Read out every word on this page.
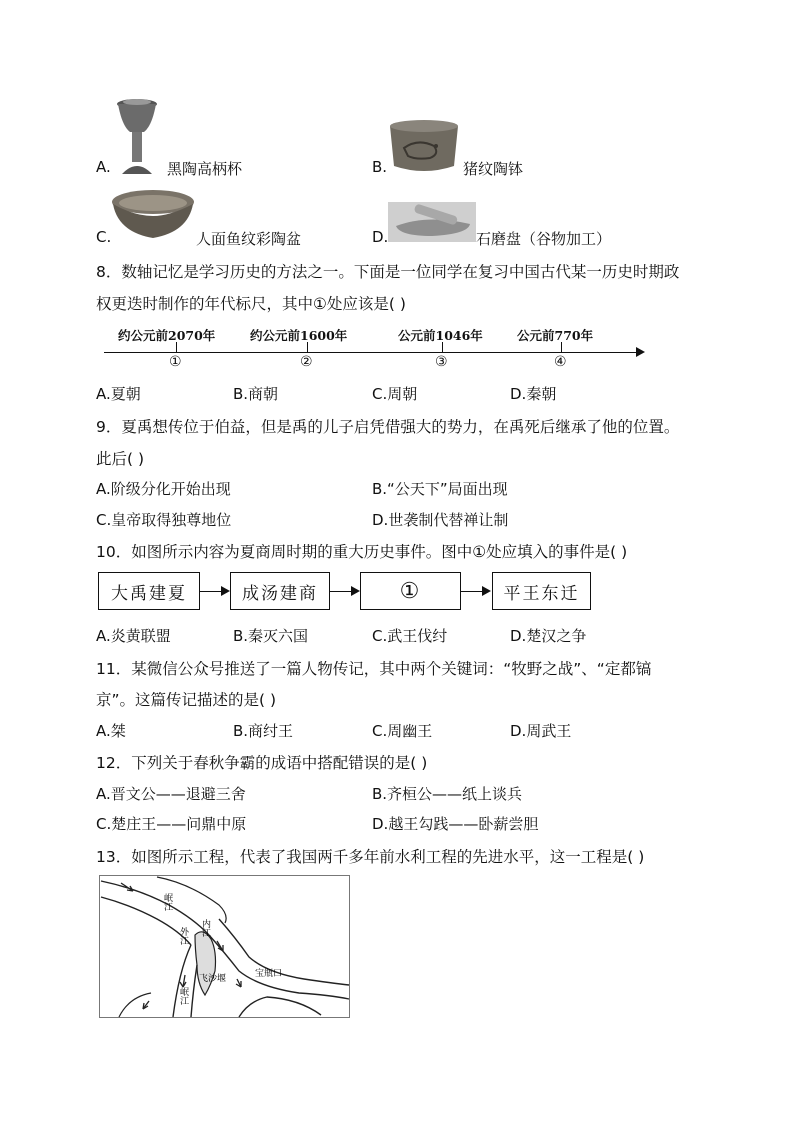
A.	黑陶高柄杯	B.	猪纹陶钵
C.	人面鱼纹彩陶盆	D.	石磨盘（谷物加工）
8．数轴记忆是学习历史的方法之一。下面是一位同学在复习中国古代某一历史时期政
权更迭时制作的年代标尺，其中①处应该是( )
约公元前2070年
①
约公元前1600年
②
公元前1046年
③
公元前770年
④
A.夏朝	B.商朝	C.周朝	D.秦朝
9．夏禹想传位于伯益，但是禹的儿子启凭借强大的势力，在禹死后继承了他的位置。
此后( )
A.阶级分化开始出现	B.“公天下”局面出现
C.皇帝取得独尊地位	D.世袭制代替禅让制
10．如图所示内容为夏商周时期的重大历史事件。图中①处应填入的事件是( )
大禹建夏	成汤建商	①	平王东迁
A.炎黄联盟	B.秦灭六国	C.武王伐纣	D.楚汉之争
11．某微信公众号推送了一篇人物传记，其中两个关键词：“牧野之战”、“定都镐
京”。这篇传记描述的是( )
A.桀	B.商纣王	C.周幽王	D.周武王
12．下列关于春秋争霸的成语中搭配错误的是( )
A.晋文公——退避三舍	B.齐桓公——纸上谈兵
C.楚庄王——问鼎中原	D.越王勾践——卧薪尝胆
13．如图所示工程，代表了我国两千多年前水利工程的先进水平，这一工程是( )
岷江
内江
外江
宝瓶口
飞沙堰
岷江
